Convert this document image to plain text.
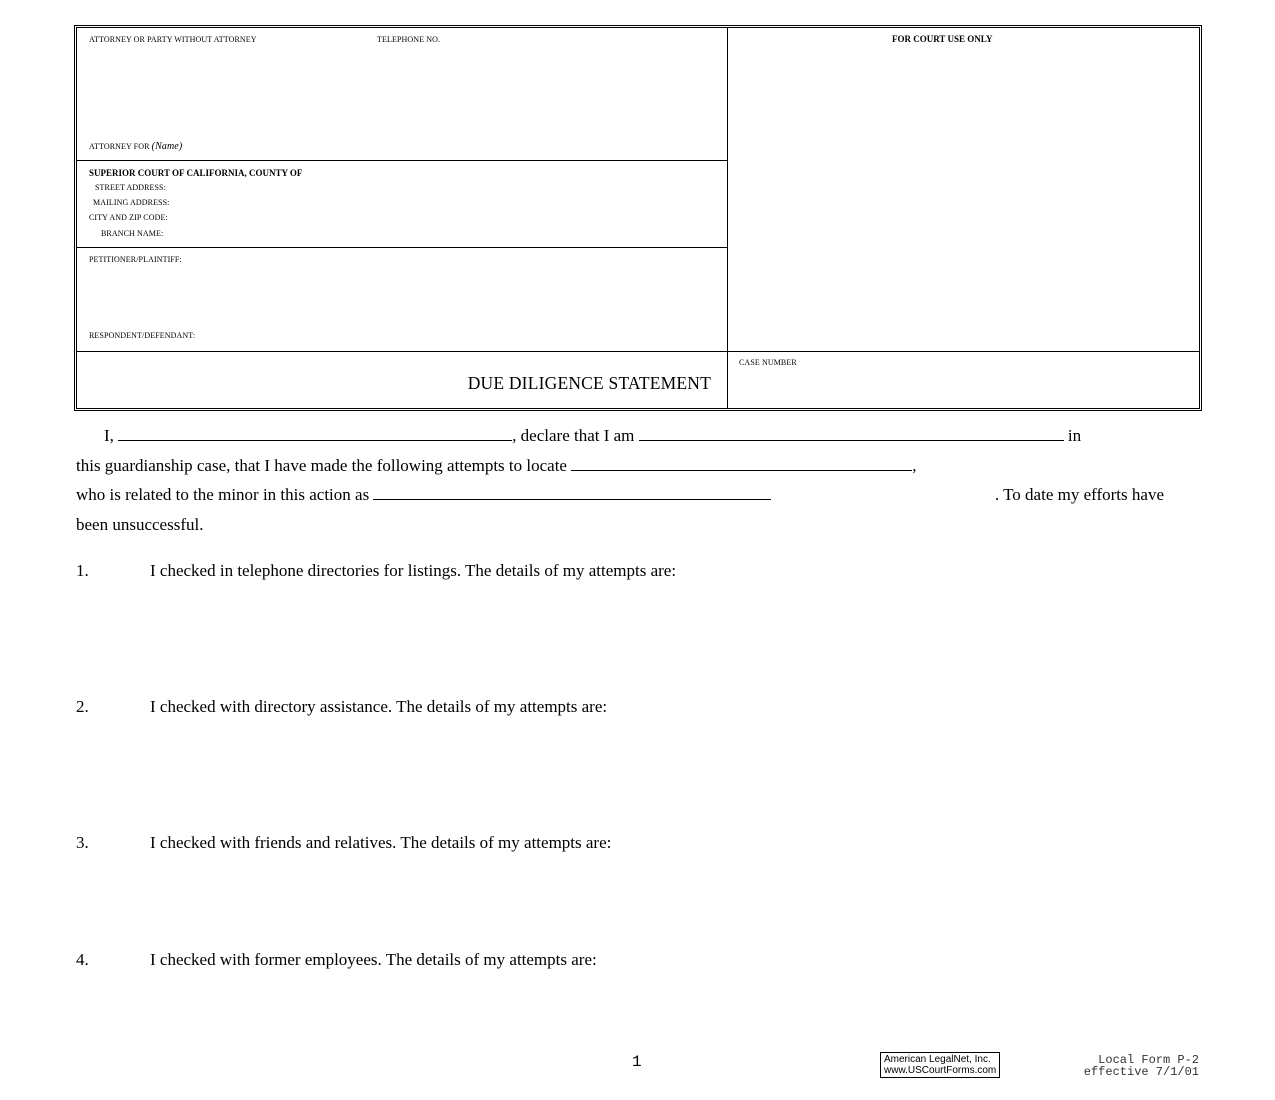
ATTORNEY OR PARTY WITHOUT ATTORNEY	TELEPHONE NO.
ATTORNEY FOR (Name)
FOR COURT USE ONLY
SUPERIOR COURT OF CALIFORNIA, COUNTY OF
STREET ADDRESS:
MAILING ADDRESS:
CITY AND ZIP CODE:
BRANCH NAME:
PETITIONER/PLAINTIFF:
RESPONDENT/DEFENDANT:
CASE NUMBER
DUE DILIGENCE STATEMENT
I,	, declare that I am	in
this guardianship case, that I have made the following attempts to locate	,
who is related to the minor in this action as	. To date my efforts have
been unsuccessful.
1.	I checked in telephone directories for listings. The details of my attempts are:
2.	I checked with directory assistance. The details of my attempts are:
3.	I checked with friends and relatives. The details of my attempts are:
4.	I checked with former employees. The details of my attempts are:
1	American LegalNet, Inc.
www.USCourtForms.com
Local Form P-2
effective 7/1/01
